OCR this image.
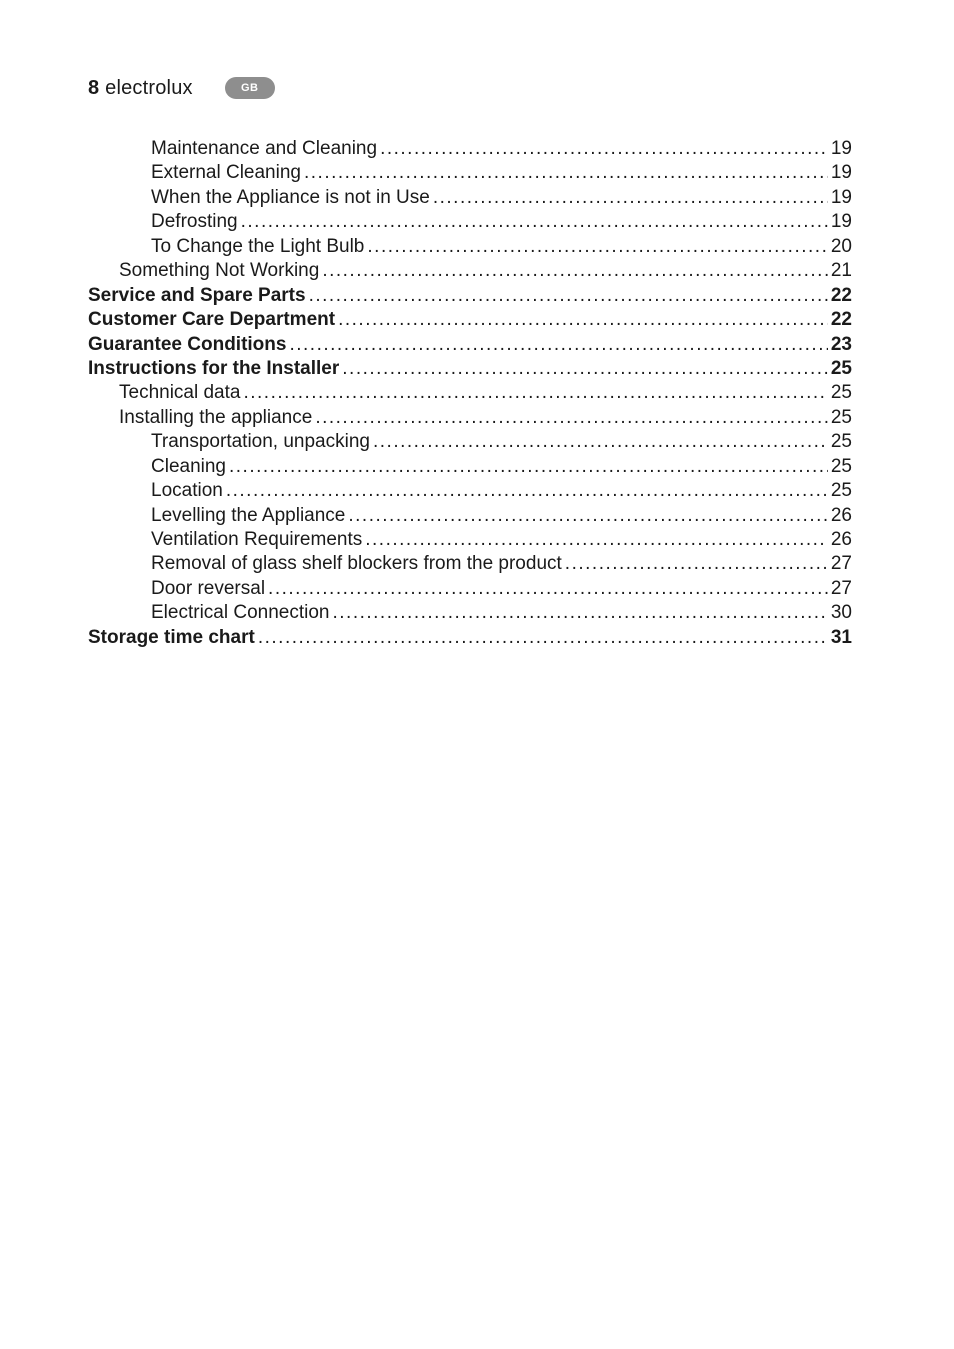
8 electrolux	GB
Maintenance and Cleaning .....	19
External Cleaning .....	19
When the Appliance is not in Use .....	19
Defrosting .....	19
To Change the Light Bulb .....	20
Something Not Working .....	21
Service and Spare Parts .....	22
Customer Care Department .....	22
Guarantee Conditions .....	23
Instructions for the Installer .....	25
Technical data .....	25
Installing the appliance .....	25
Transportation, unpacking .....	25
Cleaning .....	25
Location .....	25
Levelling the Appliance .....	26
Ventilation Requirements .....	26
Removal of glass shelf blockers from the product .....	27
Door reversal .....	27
Electrical Connection .....	30
Storage time chart .....	31
